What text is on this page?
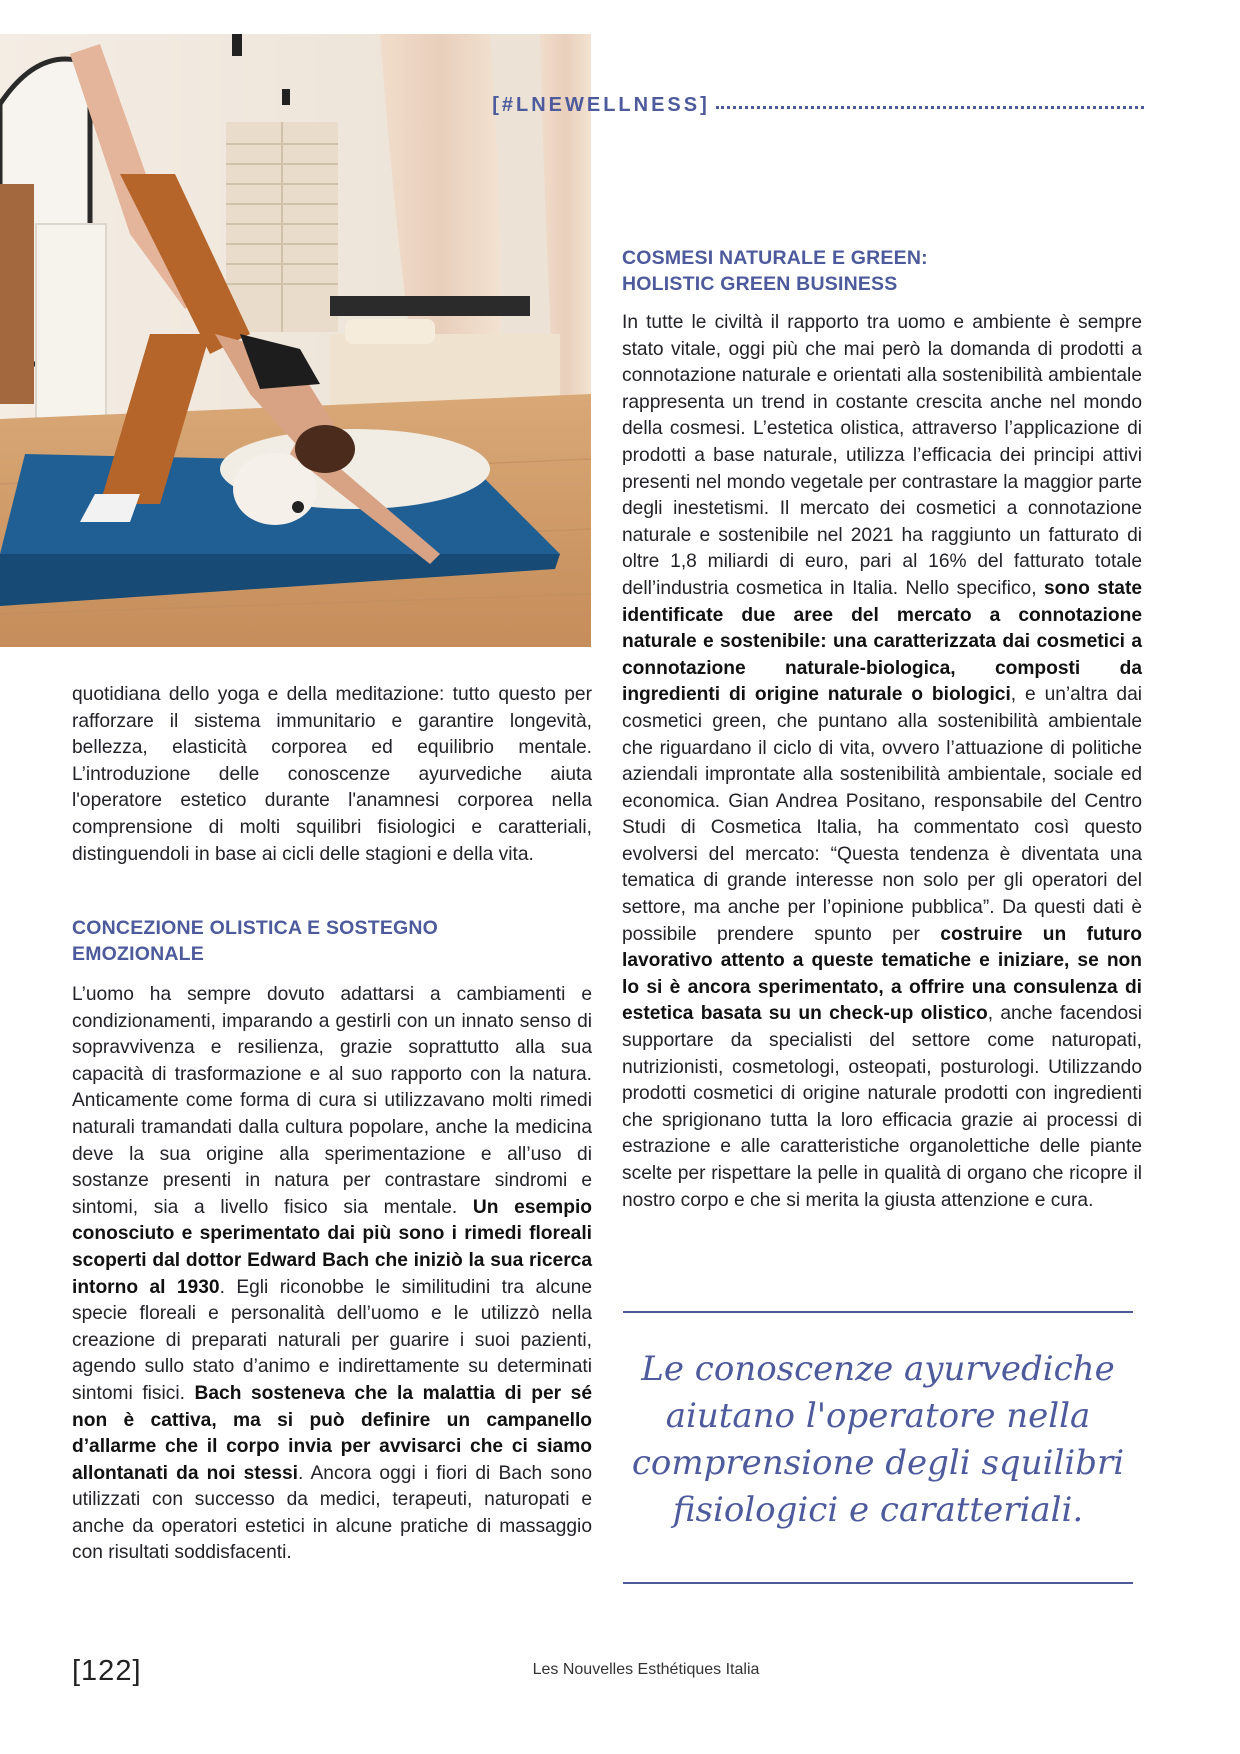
[#LNEWELLNESS]

quotidiana dello yoga e della meditazione: tutto questo per rafforzare il sistema immunitario e garantire longevità, bellezza, elasticità corporea ed equilibrio mentale. L’introduzione delle conoscenze ayurvediche aiuta l'operatore estetico durante l'anamnesi corporea nella comprensione di molti squilibri fisiologici e caratteriali, distinguendoli in base ai cicli delle stagioni e della vita.

CONCEZIONE OLISTICA E SOSTEGNO
EMOZIONALE

L’uomo ha sempre dovuto adattarsi a cambiamenti e condizionamenti, imparando a gestirli con un innato senso di sopravvivenza e resilienza, grazie soprattutto alla sua capacità di trasformazione e al suo rapporto con la natura. Anticamente come forma di cura si utilizzavano molti rimedi naturali tramandati dalla cultura popolare, anche la medicina deve la sua origine alla sperimentazione e all’uso di sostanze presenti in natura per contrastare sindromi e sintomi, sia a livello fisico sia mentale. Un esempio conosciuto e sperimentato dai più sono i rimedi floreali scoperti dal dottor Edward Bach che iniziò la sua ricerca intorno al 1930. Egli riconobbe le similitudini tra alcune specie floreali e personalità dell’uomo e le utilizzò nella creazione di preparati naturali per guarire i suoi pazienti, agendo sullo stato d’animo e indirettamente su determinati sintomi fisici. Bach sosteneva che la malattia di per sé non è cattiva, ma si può definire un campanello d’allarme che il corpo invia per avvisarci che ci siamo allontanati da noi stessi. Ancora oggi i fiori di Bach sono utilizzati con successo da medici, terapeuti, naturopati e anche da operatori estetici in alcune pratiche di massaggio con risultati soddisfacenti.

COSMESI NATURALE E GREEN:
HOLISTIC GREEN BUSINESS

In tutte le civiltà il rapporto tra uomo e ambiente è sempre stato vitale, oggi più che mai però la domanda di prodotti a connotazione naturale e orientati alla sostenibilità ambientale rappresenta un trend in costante crescita anche nel mondo della cosmesi. L’estetica olistica, attraverso l’applicazione di prodotti a base naturale, utilizza l’efficacia dei principi attivi presenti nel mondo vegetale per contrastare la maggior parte degli inestetismi. Il mercato dei cosmetici a connotazione naturale e sostenibile nel 2021 ha raggiunto un fatturato di oltre 1,8 miliardi di euro, pari al 16% del fatturato totale dell’industria cosmetica in Italia. Nello specifico, sono state identificate due aree del mercato a connotazione naturale e sostenibile: una caratterizzata dai cosmetici a connotazione naturale-biologica, composti da ingredienti di origine naturale o biologici, e un’altra dai cosmetici green, che puntano alla sostenibilità ambientale che riguardano il ciclo di vita, ovvero l’attuazione di politiche aziendali improntate alla sostenibilità ambientale, sociale ed economica. Gian Andrea Positano, responsabile del Centro Studi di Cosmetica Italia, ha commentato così questo evolversi del mercato: “Questa tendenza è diventata una tematica di grande interesse non solo per gli operatori del settore, ma anche per l’opinione pubblica”. Da questi dati è possibile prendere spunto per costruire un futuro lavorativo attento a queste tematiche e iniziare, se non lo si è ancora sperimentato, a offrire una consulenza di estetica basata su un check-up olistico, anche facendosi supportare da specialisti del settore come naturopati, nutrizionisti, cosmetologi, osteopati, posturologi. Utilizzando prodotti cosmetici di origine naturale prodotti con ingredienti che sprigionano tutta la loro efficacia grazie ai processi di estrazione e alle caratteristiche organolettiche delle piante scelte per rispettare la pelle in qualità di organo che ricopre il nostro corpo e che si merita la giusta attenzione e cura.

Le conoscenze ayurvediche
aiutano l'operatore nella
comprensione degli squilibri
fisiologici e caratteriali.
[122]	Les Nouvelles Esthétiques Italia
